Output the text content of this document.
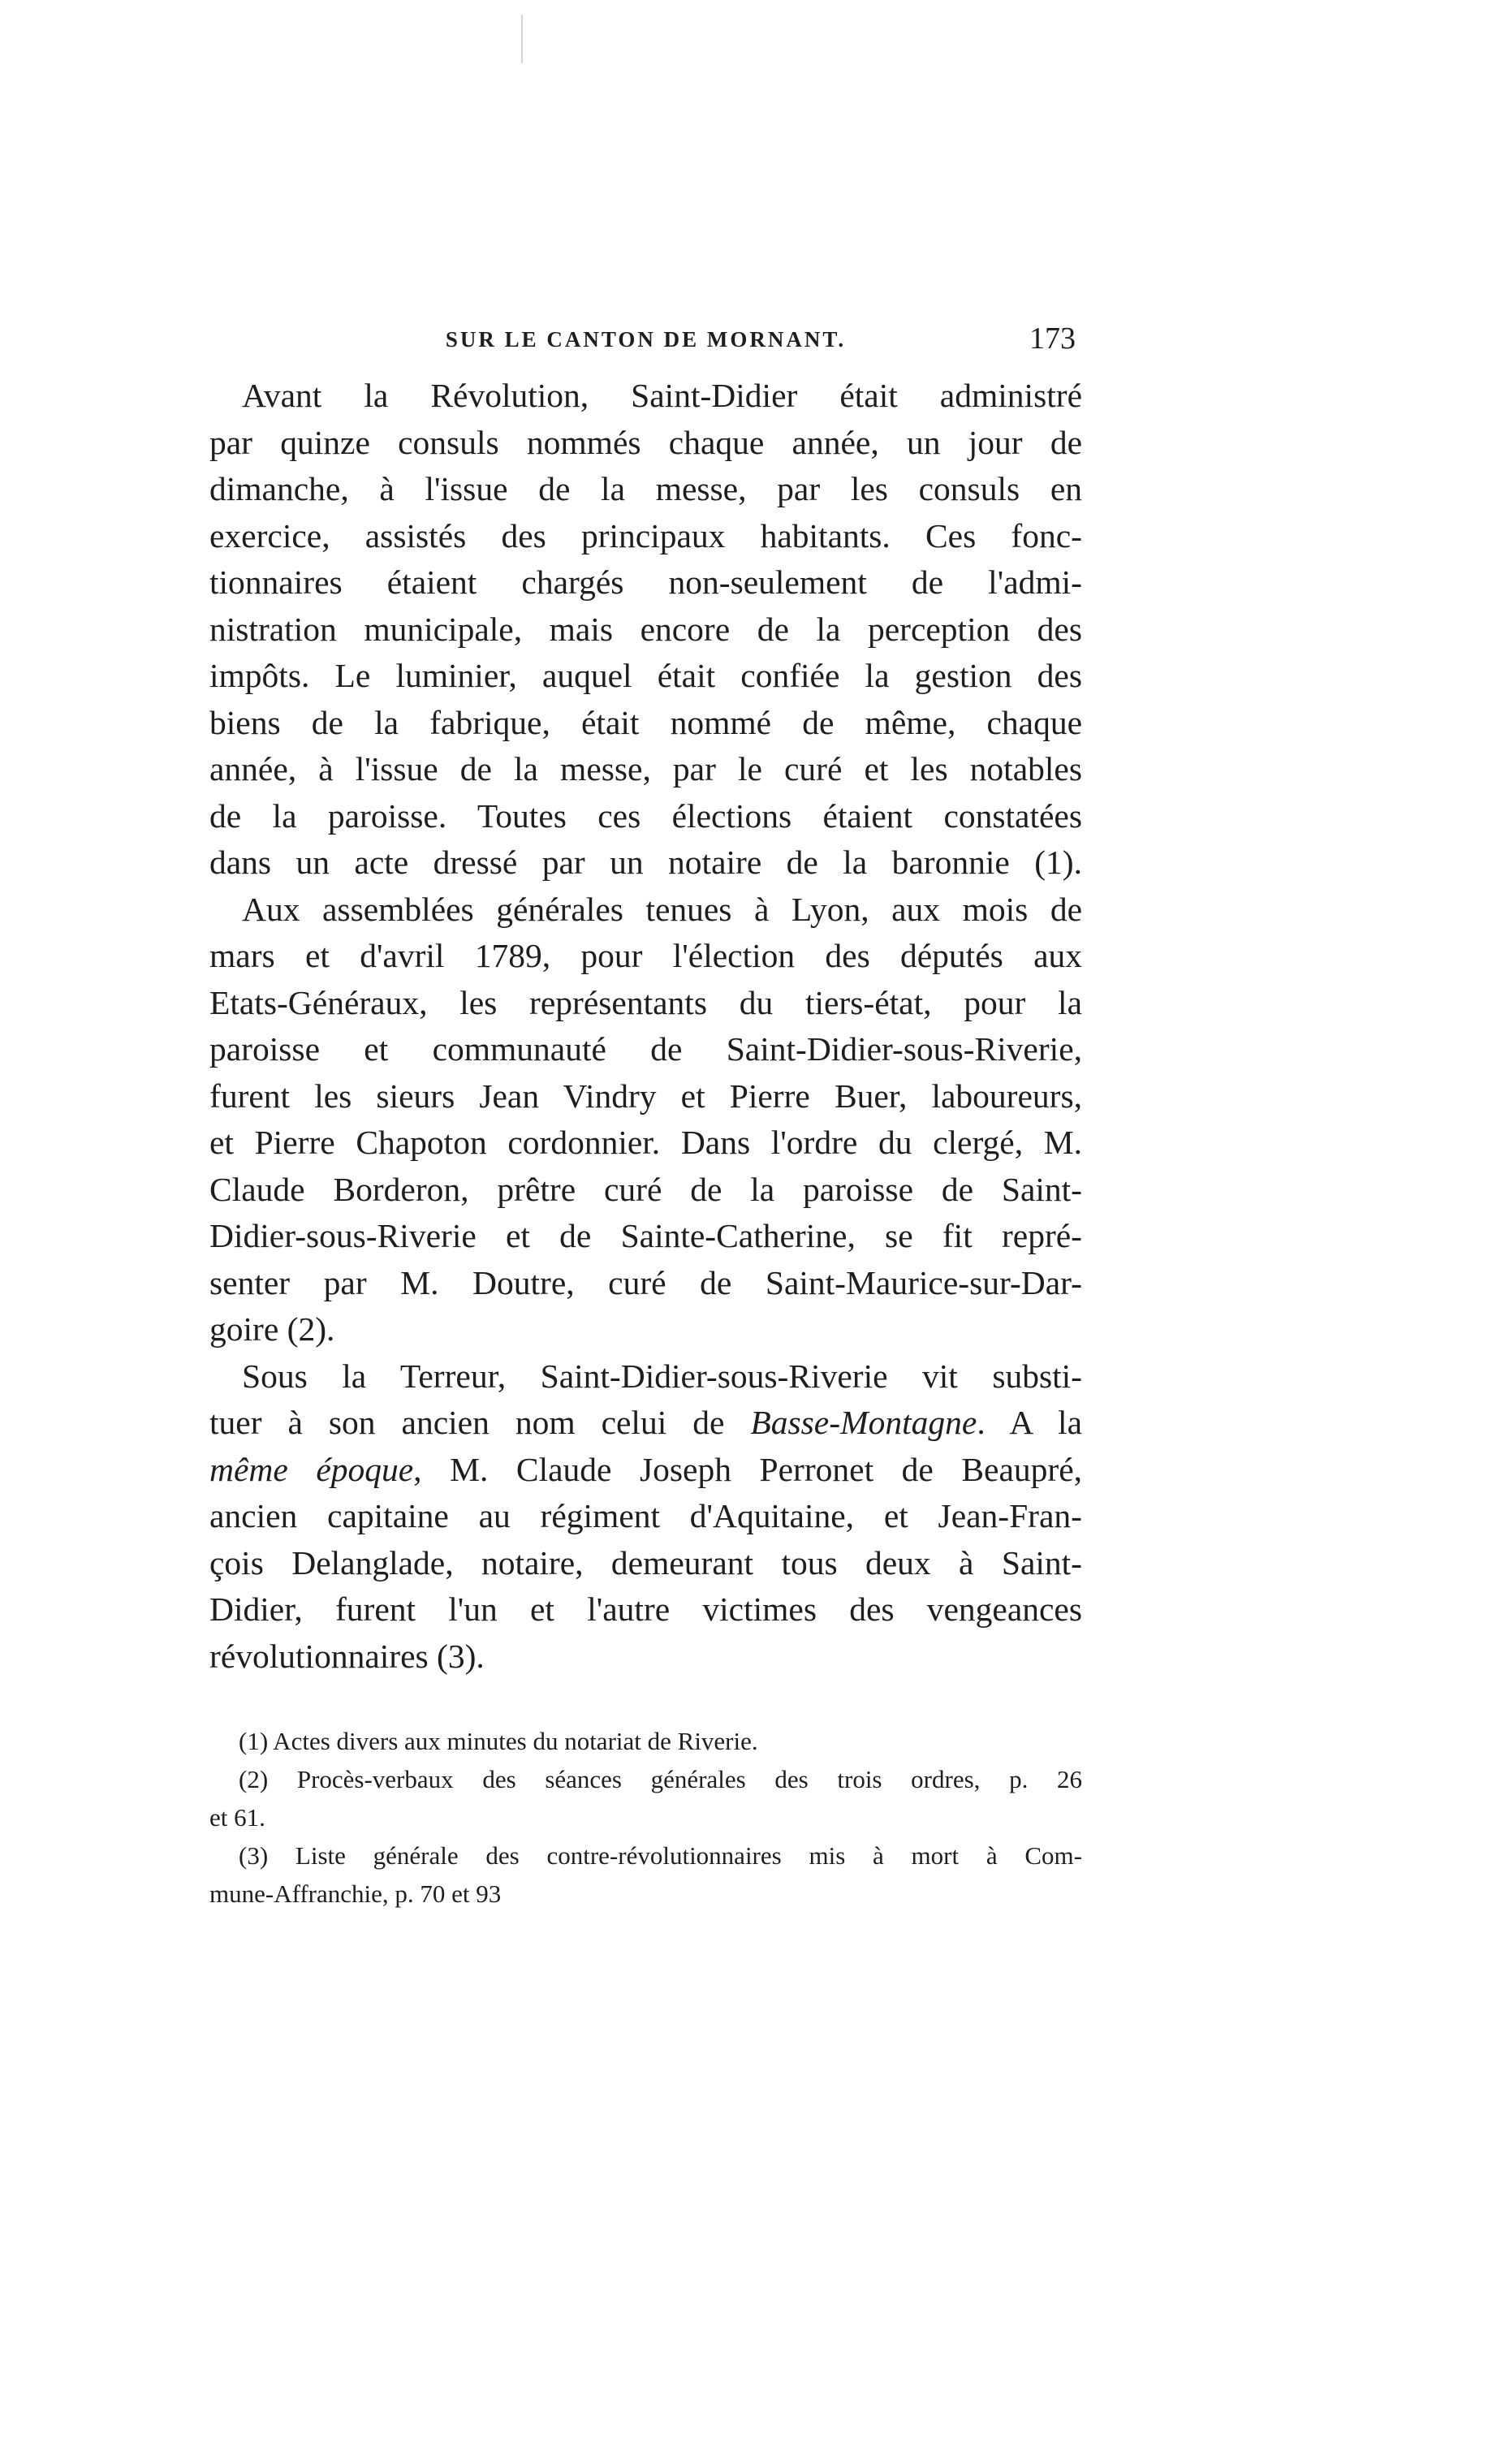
SUR LE CANTON DE MORNANT.	173
Avant la Révolution, Saint-Didier était administré
par quinze consuls nommés chaque année, un jour de
dimanche, à l'issue de la messe, par les consuls en
exercice, assistés des principaux habitants. Ces fonc-
tionnaires étaient chargés non-seulement de l'admi-
nistration municipale, mais encore de la perception des
impôts. Le luminier, auquel était confiée la gestion des
biens de la fabrique, était nommé de même, chaque
année, à l'issue de la messe, par le curé et les notables
de la paroisse. Toutes ces élections étaient constatées
dans un acte dressé par un notaire de la baronnie (1).
Aux assemblées générales tenues à Lyon, aux mois de
mars et d'avril 1789, pour l'élection des députés aux
Etats-Généraux, les représentants du tiers-état, pour la
paroisse et communauté de Saint-Didier-sous-Riverie,
furent les sieurs Jean Vindry et Pierre Buer, laboureurs,
et Pierre Chapoton cordonnier. Dans l'ordre du clergé, M.
Claude Borderon, prêtre curé de la paroisse de Saint-
Didier-sous-Riverie et de Sainte-Catherine, se fit repré-
senter par M. Doutre, curé de Saint-Maurice-sur-Dar-
goire (2).
Sous la Terreur, Saint-Didier-sous-Riverie vit substi-
tuer à son ancien nom celui de Basse-Montagne. A la
même époque, M. Claude Joseph Perronet de Beaupré,
ancien capitaine au régiment d'Aquitaine, et Jean-Fran-
çois Delanglade, notaire, demeurant tous deux à Saint-
Didier, furent l'un et l'autre victimes des vengeances
révolutionnaires (3).
(1) Actes divers aux minutes du notariat de Riverie.
(2) Procès-verbaux des séances générales des trois ordres, p. 26
et 61.
(3) Liste générale des contre-révolutionnaires mis à mort à Com-
mune-Affranchie, p. 70 et 93
